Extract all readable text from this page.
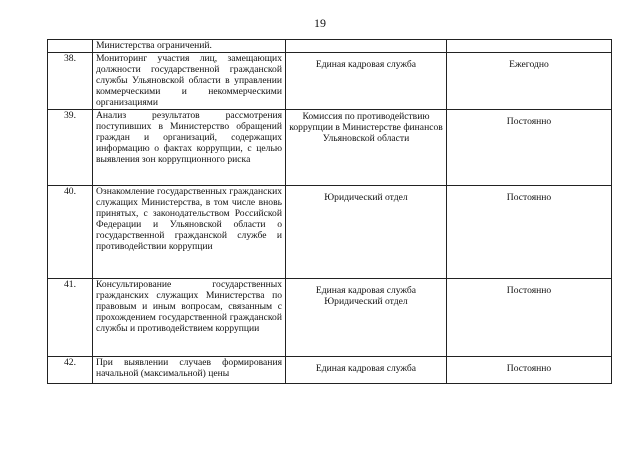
19

	Министерства ограничений.		

38.	Мониторинг участия лиц, замещающих должности государственной гражданской службы Ульяновской области в управлении коммерческими и некоммерческими организациями	Единая кадровая служба	Ежегодно

39.	Анализ результатов рассмотрения поступивших в Министерство обращений граждан и организаций, содержащих информацию о фактах коррупции, с целью выявления зон коррупционного риска	Комиссия по противодействию коррупции в Министерстве финансов Ульяновской области	Постоянно

40.	Ознакомление государственных гражданских служащих Министерства, в том числе вновь принятых, с законодательством Российской Федерации и Ульяновской области о государственной гражданской службе и противодействии коррупции	Юридический отдел	Постоянно

41.	Консультирование государственных гражданских служащих Министерства по правовым и иным вопросам, связанным с прохождением государственной гражданской службы и противодействием коррупции	Единая кадровая служба
Юридический отдел	Постоянно

42.	При выявлении случаев формирования начальной (максимальной) цены	Единая кадровая служба	Постоянно
